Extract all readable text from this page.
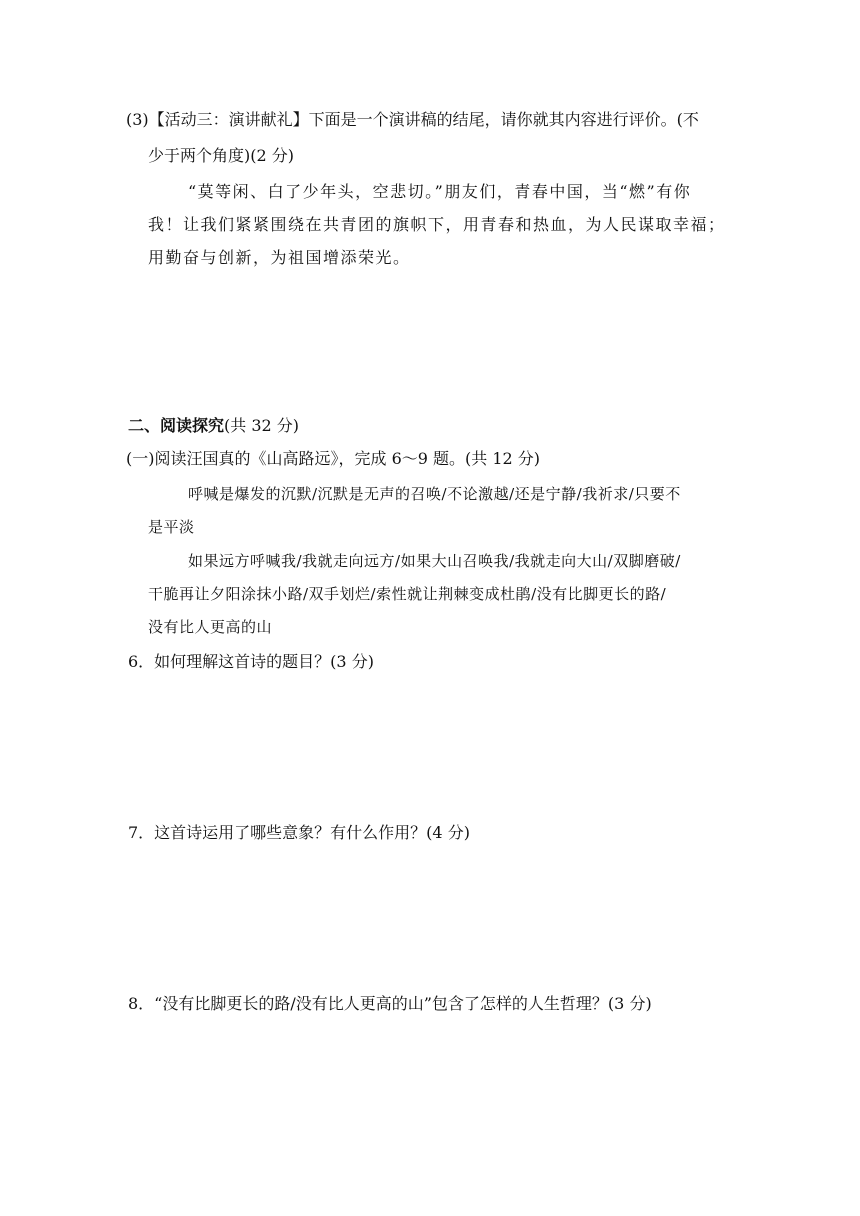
(3)【活动三：演讲献礼】下面是一个演讲稿的结尾，请你就其内容进行评价。(不
少于两个角度)(2 分)
“莫等闲、白了少年头，空悲切。”朋友们，青春中国，当“燃”有你
我！让我们紧紧围绕在共青团的旗帜下，用青春和热血，为人民谋取幸福；
用勤奋与创新，为祖国增添荣光。
二、阅读探究(共 32 分)
(一)阅读汪国真的《山高路远》，完成 6～9 题。(共 12 分)
呼喊是爆发的沉默/沉默是无声的召唤/不论激越/还是宁静/我祈求/只要不
是平淡
如果远方呼喊我/我就走向远方/如果大山召唤我/我就走向大山/双脚磨破/
干脆再让夕阳涂抹小路/双手划烂/索性就让荆棘变成杜鹃/没有比脚更长的路/
没有比人更高的山
6．如何理解这首诗的题目？(3 分)
7．这首诗运用了哪些意象？有什么作用？(4 分)
8．“没有比脚更长的路/没有比人更高的山”包含了怎样的人生哲理？(3 分)
